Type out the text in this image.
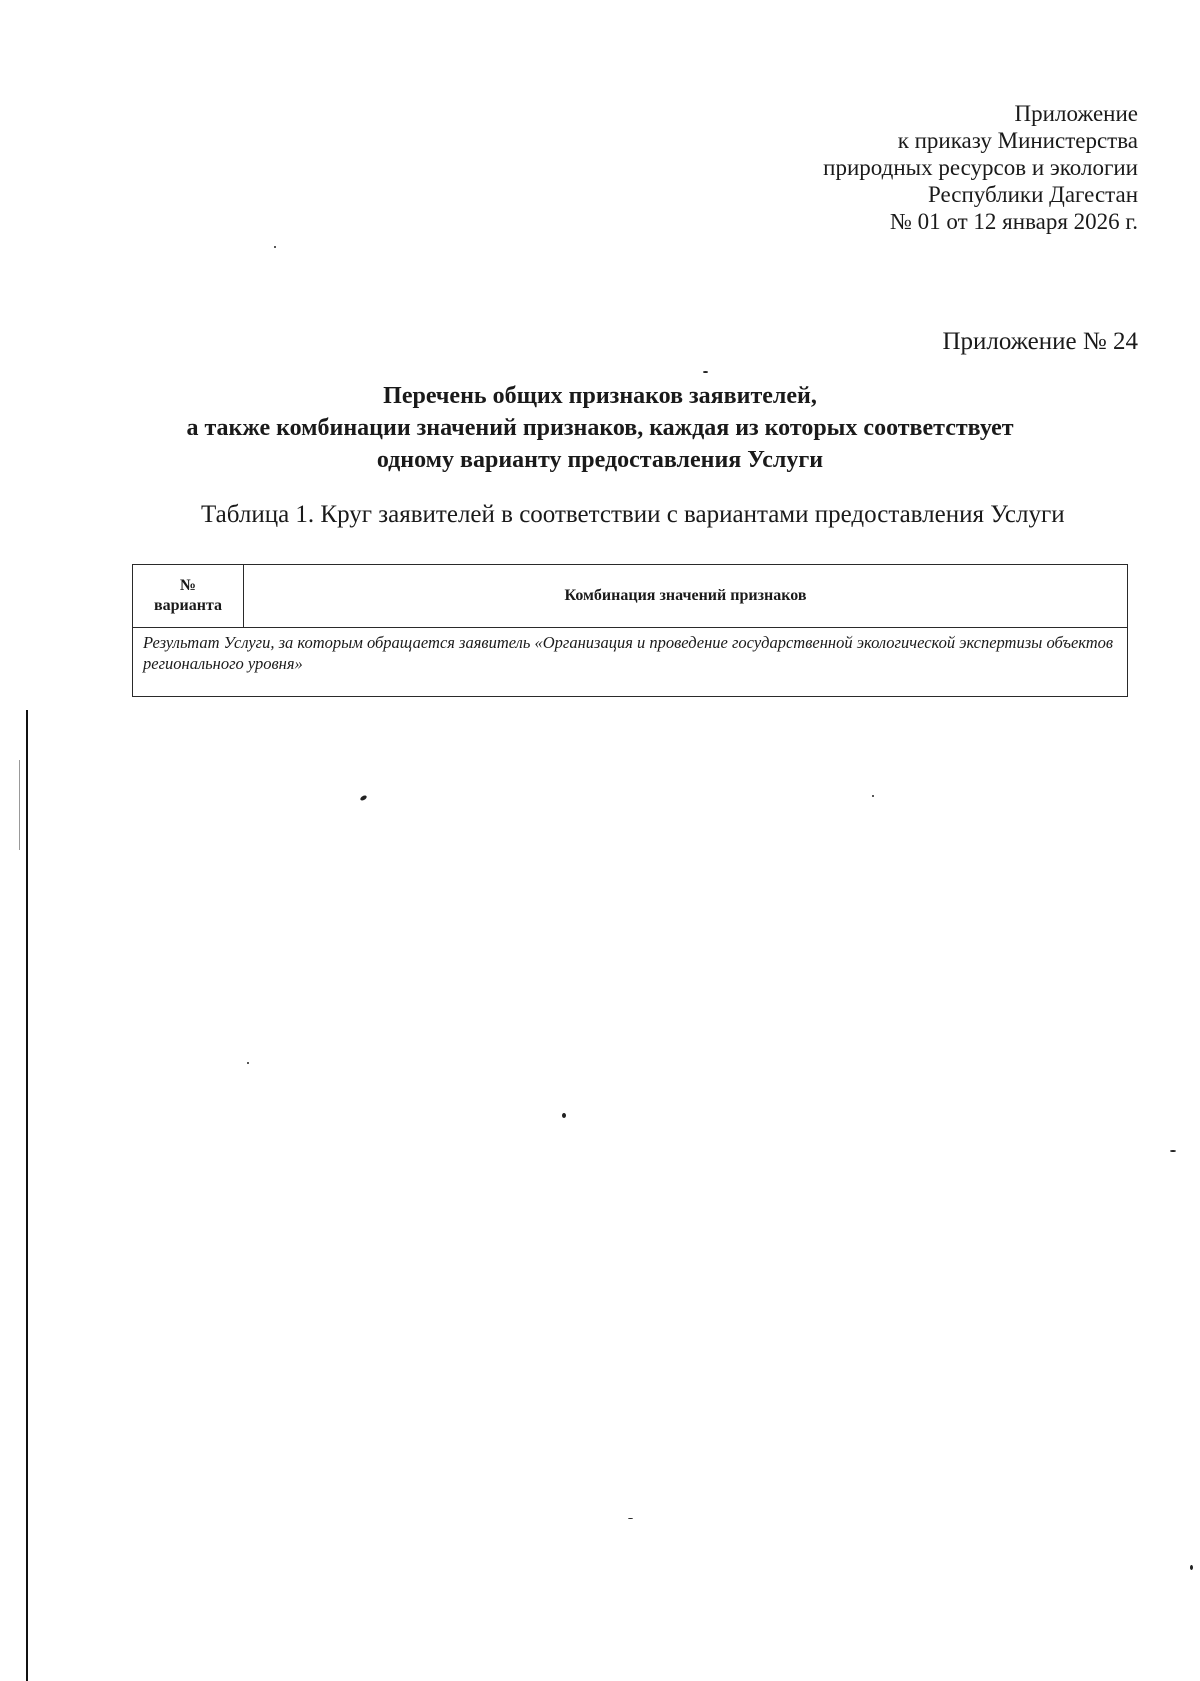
Приложение
к приказу Министерства
природных ресурсов и экологии
Республики Дагестан
№ 01 от 12 января 2026 г.
Приложение № 24
Перечень общих признаков заявителей,
а также комбинации значений признаков, каждая из которых соответствует
одному варианту предоставления Услуги
Таблица 1. Круг заявителей в соответствии с вариантами предоставления Услуги
№
варианта
	Комбинация значений признаков
Результат Услуги, за которым обращается заявитель «Организация и проведение государственной экологической экспертизы объектов регионального уровня»
